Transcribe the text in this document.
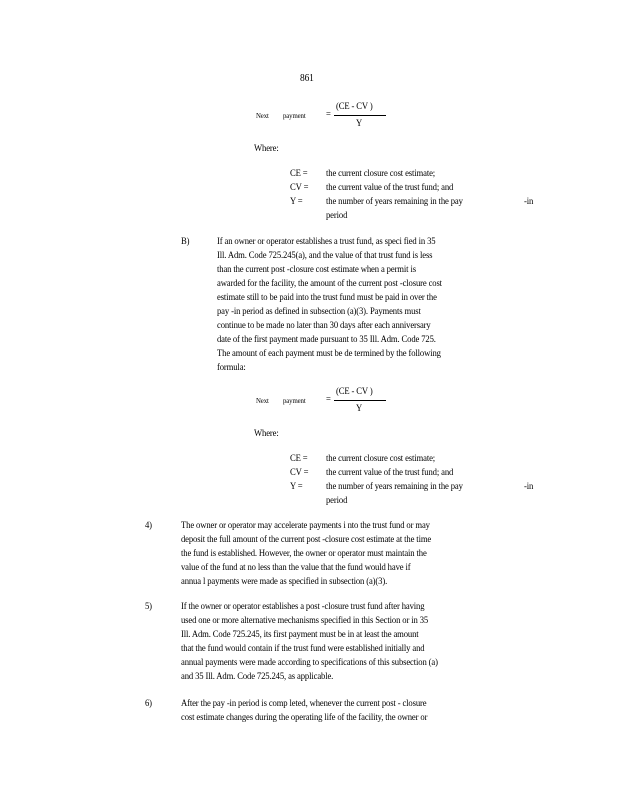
861
Next payment =
(CE - CV )
Y
Where:
CE = the current closure cost estimate;
CV = the current value of the trust fund; and
Y = the number of years remaining in the pay	-in
period
B)	If an owner or operator establishes a trust fund, as speci fied in 35
Ill. Adm. Code 725.245(a), and the value of that trust fund is less
than the current post -closure cost estimate when a permit is
awarded for the facility, the amount of the current post -closure cost
estimate still to be paid into the trust fund must be paid in over the
pay -in period as defined in subsection (a)(3). Payments must
continue to be made no later than 30 days after each anniversary
date of the first payment made pursuant to 35 Ill. Adm. Code 725.
The amount of each payment must be de termined by the following
formula:
Next payment =
(CE - CV )
Y
Where:
CE = the current closure cost estimate;
CV = the current value of the trust fund; and
Y = the number of years remaining in the pay	-in
period
4)	The owner or operator may accelerate payments i nto the trust fund or may
deposit the full amount of the current post -closure cost estimate at the time
the fund is established. However, the owner or operator must maintain the
value of the fund at no less than the value that the fund would have if
annua l payments were made as specified in subsection (a)(3).
5)	If the owner or operator establishes a post -closure trust fund after having
used one or more alternative mechanisms specified in this Section or in 35
Ill. Adm. Code 725.245, its first payment must be in at least the amount
that the fund would contain if the trust fund were established initially and
annual payments were made according to specifications of this subsection (a)
and 35 Ill. Adm. Code 725.245, as applicable.
6)	After the pay -in period is comp leted, whenever the current post - closure
cost estimate changes during the operating life of the facility, the owner or
